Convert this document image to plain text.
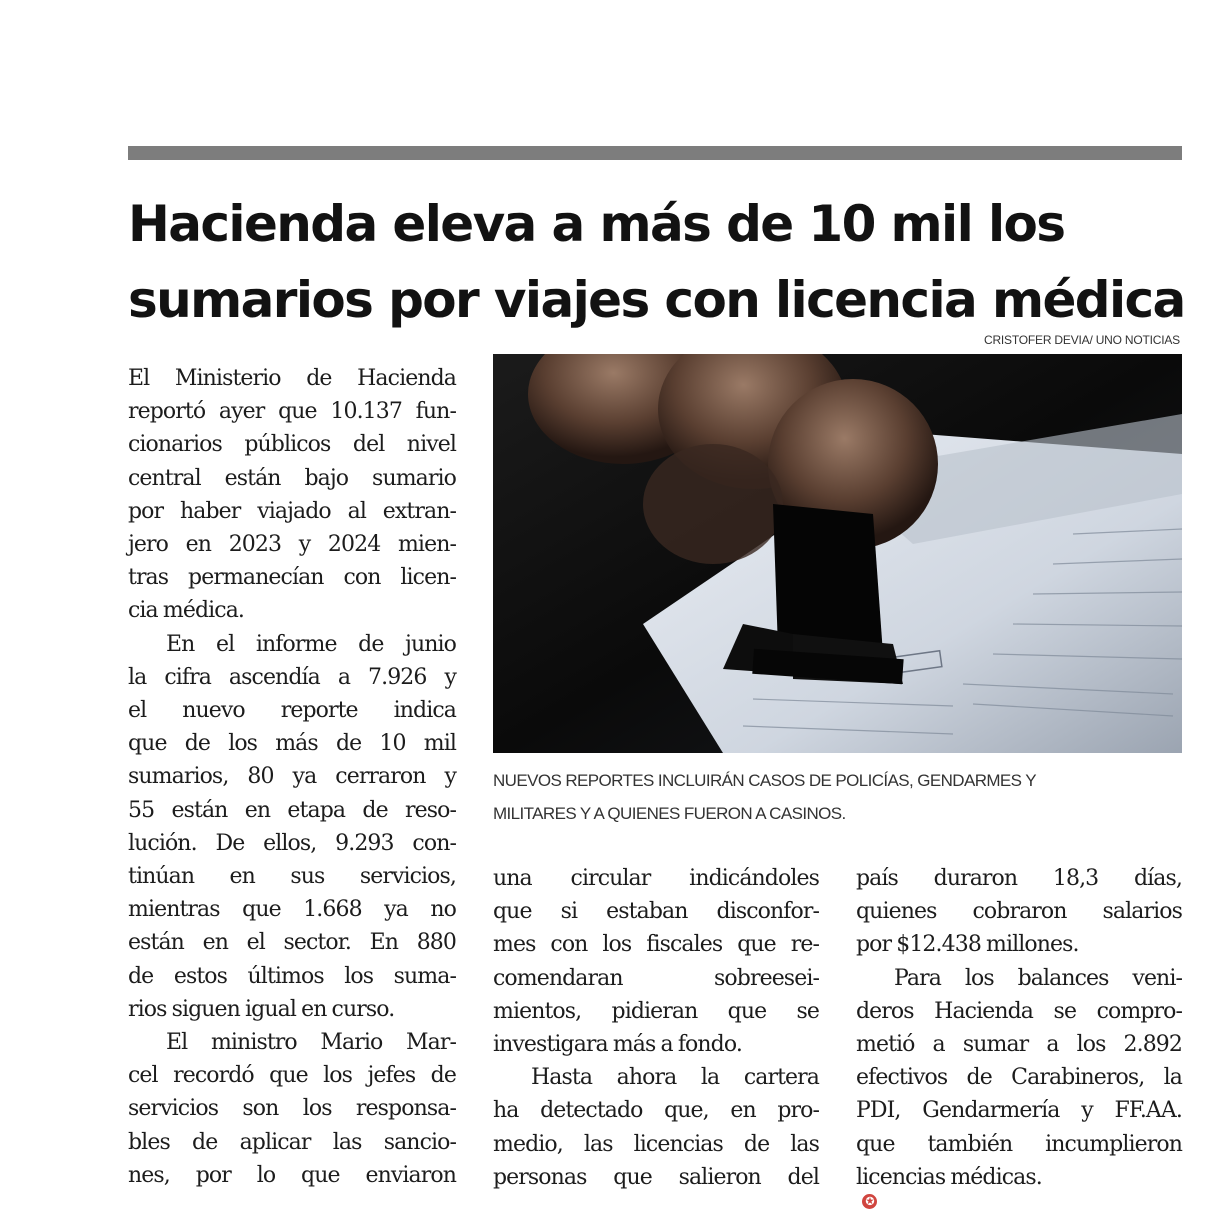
Hacienda eleva a más de 10 mil los
sumarios por viajes con licencia médica
CRISTOFER DEVIA/ UNO NOTICIAS

NUEVOS REPORTES INCLUIRÁN CASOS DE POLICÍAS, GENDARMES Y
MILITARES Y A QUIENES FUERON A CASINOS.

El Ministerio de Hacienda
reportó ayer que 10.137 fun-
cionarios públicos del nivel
central están bajo sumario
por haber viajado al extran-
jero en 2023 y 2024 mien-
tras permanecían con licen-
cia médica.
En el informe de junio
la cifra ascendía a 7.926 y
el nuevo reporte indica
que de los más de 10 mil
sumarios, 80 ya cerraron y
55 están en etapa de reso-
lución. De ellos, 9.293 con-
tinúan en sus servicios,
mientras que 1.668 ya no
están en el sector. En 880
de estos últimos los suma-
rios siguen igual en curso.
El ministro Mario Mar-
cel recordó que los jefes de
servicios son los responsa-
bles de aplicar las sancio-
nes, por lo que enviaron

una circular indicándoles
que si estaban disconfor-
mes con los fiscales que re-
comendaran sobreesei-
mientos, pidieran que se
investigara más a fondo.
Hasta ahora la cartera
ha detectado que, en pro-
medio, las licencias de las
personas que salieron del

país duraron 18,3 días,
quienes cobraron salarios
por $12.438 millones.
Para los balances veni-
deros Hacienda se compro-
metió a sumar a los 2.892
efectivos de Carabineros, la
PDI, Gendarmería y FF.AA.
que también incumplieron
licencias médicas.
✪
